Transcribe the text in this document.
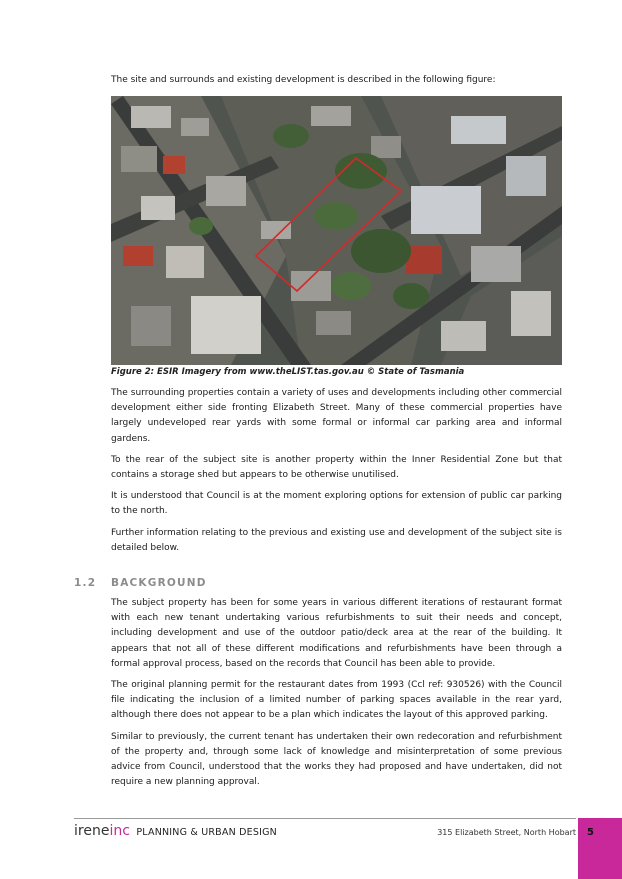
The site and surrounds and existing development is described in the following figure:
Figure 2: ESIR Imagery from www.theLIST.tas.gov.au © State of Tasmania

The surrounding properties contain a variety of uses and developments including other commercial development either side fronting Elizabeth Street. Many of these commercial properties have largely undeveloped rear yards with some formal or informal car parking area and informal gardens.

To the rear of the subject site is another property within the Inner Residential Zone but that contains a storage shed but appears to be otherwise unutilised.

It is understood that Council is at the moment exploring options for extension of public car parking to the north.

Further information relating to the previous and existing use and development of the subject site is detailed below.

1.2 BACKGROUND

The subject property has been for some years in various different iterations of restaurant format with each new tenant undertaking various refurbishments to suit their needs and concept, including development and use of the outdoor patio/deck area at the rear of the building. It appears that not all of these different modifications and refurbishments have been through a formal approval process, based on the records that Council has been able to provide.

The original planning permit for the restaurant dates from 1993 (Ccl ref: 930526) with the Council file indicating the inclusion of a limited number of parking spaces available in the rear yard, although there does not appear to be a plan which indicates the layout of this approved parking.

Similar to previously, the current tenant has undertaken their own redecoration and refurbishment of the property and, through some lack of knowledge and misinterpretation of some previous advice from Council, understood that the works they had proposed and have undertaken, did not require a new planning approval.

ireneinc PLANNING & URBAN DESIGN	315 Elizabeth Street, North Hobart 5
